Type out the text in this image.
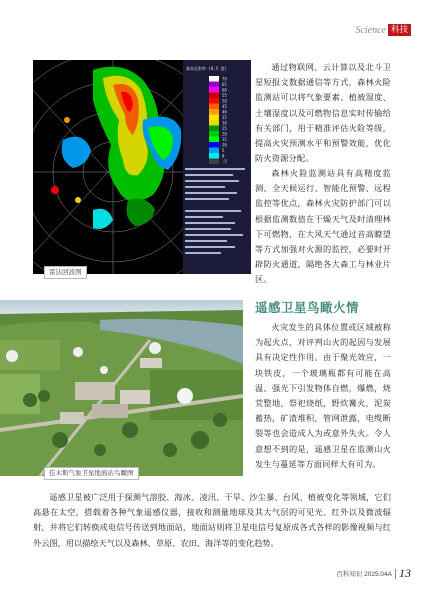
Science 科技
基本反射率 (0.5 度)
70
65
60
55
50
45
40
35
30
25
20
15
10
5
0
-5
雷达回波图

通过物联网、云计算以及北斗卫星短报文数据通信等方式，森林火险监测站可以将气象要素、植被湿度、土壤湿度以及可燃物信息实时传输给有关部门，用于精准评估火险等级，提高火灾预测水平和预警效能，优化防火资源分配。

森林火险监测站具有高精度监测、全天候运行、智能化预警、远程监控等优点，森林火灾防护部门可以根据监测数值在干燥天气及时清理林下可燃物，在大风天气通过音高瞭望等方式加强对火源的监控，必要时开辟防火通道，隔绝各大森工与林业片区。

遥感卫星鸟瞰火情

火灾发生的具体位置或区域被称为起火点，对评判山火的起因与发展具有决定性作用。由于聚光效应，一块铁皮，一个玻璃瓶都有可能在高温、强光下引发物体自燃，爆燃，烧荒整地，祭祀烧纸，野炊篝火，泥炭蓄热，矿渣堆积，管网泄露，电缆断裂等也会造成人为或意外失火。令人意想不到的是，遥感卫星在监测山火发生与蔓延等方面同样大有可为。

佳木斯气象卫星地面站鸟瞰图

遥感卫星被广泛用于探测气溶胶、海冰、凌汛、干旱、沙尘暴、台风、植被变化等领域，它们高悬在太空，搭载着各种气象遥感仪器，接收和测量地球及其大气层的可见光、红外以及微波辐射，并将它们转换成电信号传送到地面站，地面站则将卫星电信号复原成各式各样的影像视频与红外云图，用以描绘天气以及森林、草原、农田、海洋等的变化趋势。

百科知识 2025.04A 13
